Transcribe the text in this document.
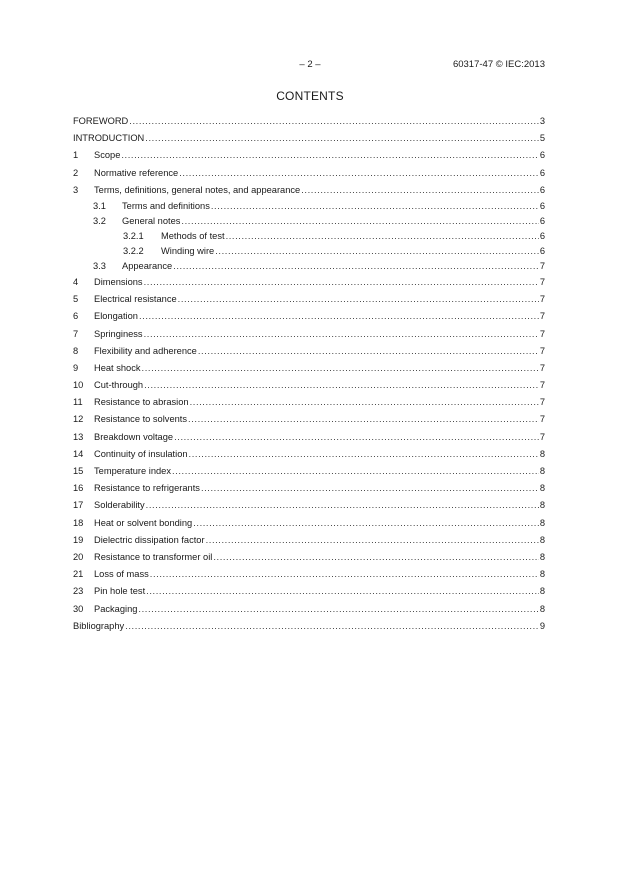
– 2 –	60317-47 © IEC:2013
CONTENTS
FOREWORD .....	3
INTRODUCTION .....	5
1	Scope .....	6
2	Normative reference .....	6
3	Terms, definitions, general notes, and appearance .....	6
3.1	Terms and definitions .....	6
3.2	General notes .....	6
3.2.1	Methods of test .....	6
3.2.2	Winding wire .....	6
3.3	Appearance .....	7
4	Dimensions .....	7
5	Electrical resistance .....	7
6	Elongation .....	7
7	Springiness .....	7
8	Flexibility and adherence .....	7
9	Heat shock .....	7
10	Cut-through .....	7
11	Resistance to abrasion .....	7
12	Resistance to solvents .....	7
13	Breakdown voltage .....	7
14	Continuity of insulation .....	8
15	Temperature index .....	8
16	Resistance to refrigerants .....	8
17	Solderability .....	8
18	Heat or solvent bonding .....	8
19	Dielectric dissipation factor .....	8
20	Resistance to transformer oil .....	8
21	Loss of mass .....	8
23	Pin hole test .....	8
30	Packaging .....	8
Bibliography .....	9
